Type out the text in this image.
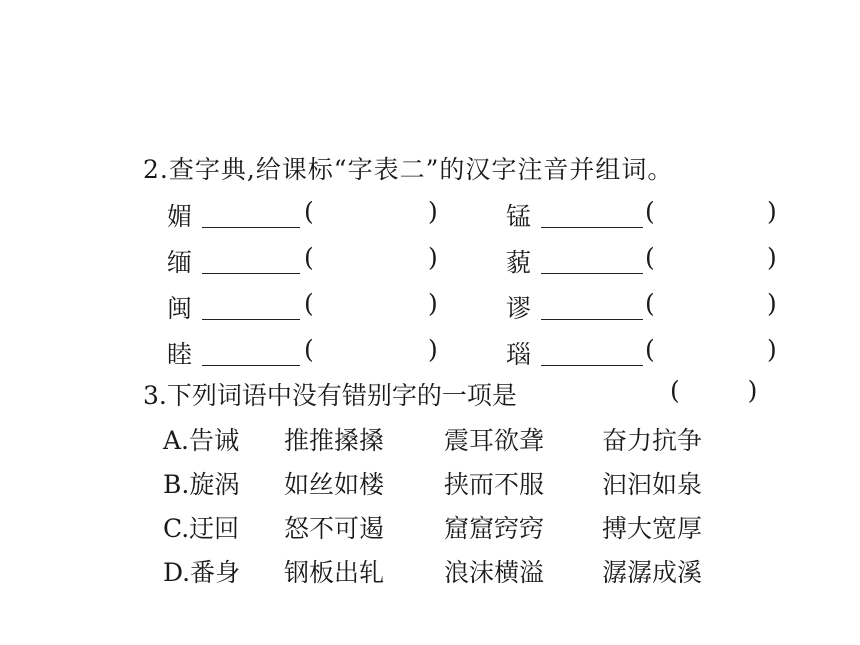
2.查字典,给课标“字表二”的汉字注音并组词。
媚	(	)	锰	(	)
缅	(	)	藐	(	)
闽	(	)	谬	(	)
睦	(	)	瑙	(	)
3.下列词语中没有错别字的一项是	(	)
A.告诫 推推搡搡 震耳欲聋 奋力抗争
B.旋涡 如丝如楼 挟而不服 汩汩如泉
C.迂回 怒不可遏 窟窟窍窍 搏大宽厚
D.番身 钢板出轧 浪沫横溢 潺潺成溪
